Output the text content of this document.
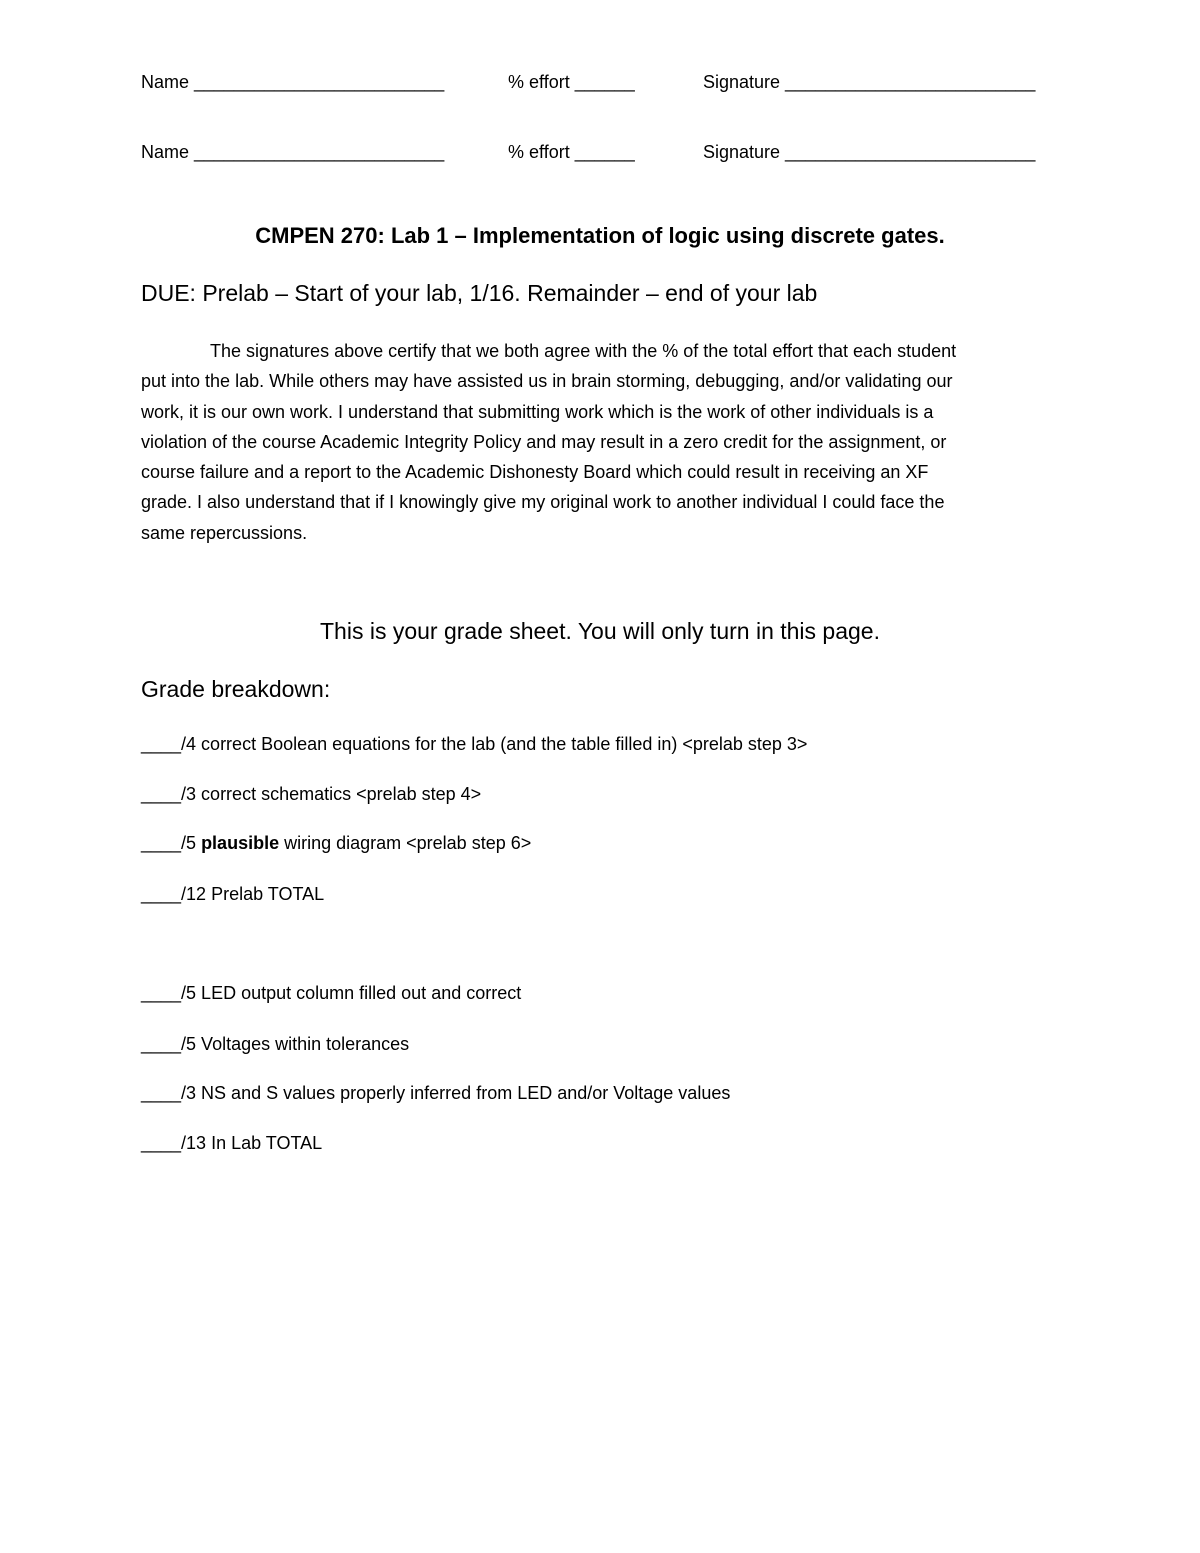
Name _________________________	% effort ______	Signature _________________________
Name _________________________	% effort ______	Signature _________________________
CMPEN 270: Lab 1 – Implementation of logic using discrete gates.
DUE: Prelab – Start of your lab, 1/16. Remainder – end of your lab
The signatures above certify that we both agree with the % of the total effort that each student
put into the lab. While others may have assisted us in brain storming, debugging, and/or validating our
work, it is our own work. I understand that submitting work which is the work of other individuals is a
violation of the course Academic Integrity Policy and may result in a zero credit for the assignment, or
course failure and a report to the Academic Dishonesty Board which could result in receiving an XF
grade. I also understand that if I knowingly give my original work to another individual I could face the
same repercussions.
This is your grade sheet. You will only turn in this page.
Grade breakdown:
____/4 correct Boolean equations for the lab (and the table filled in) <prelab step 3>
____/3 correct schematics <prelab step 4>
____/5 plausible wiring diagram <prelab step 6>
____/12 Prelab TOTAL
____/5 LED output column filled out and correct
____/5 Voltages within tolerances
____/3 NS and S values properly inferred from LED and/or Voltage values
____/13 In Lab TOTAL
